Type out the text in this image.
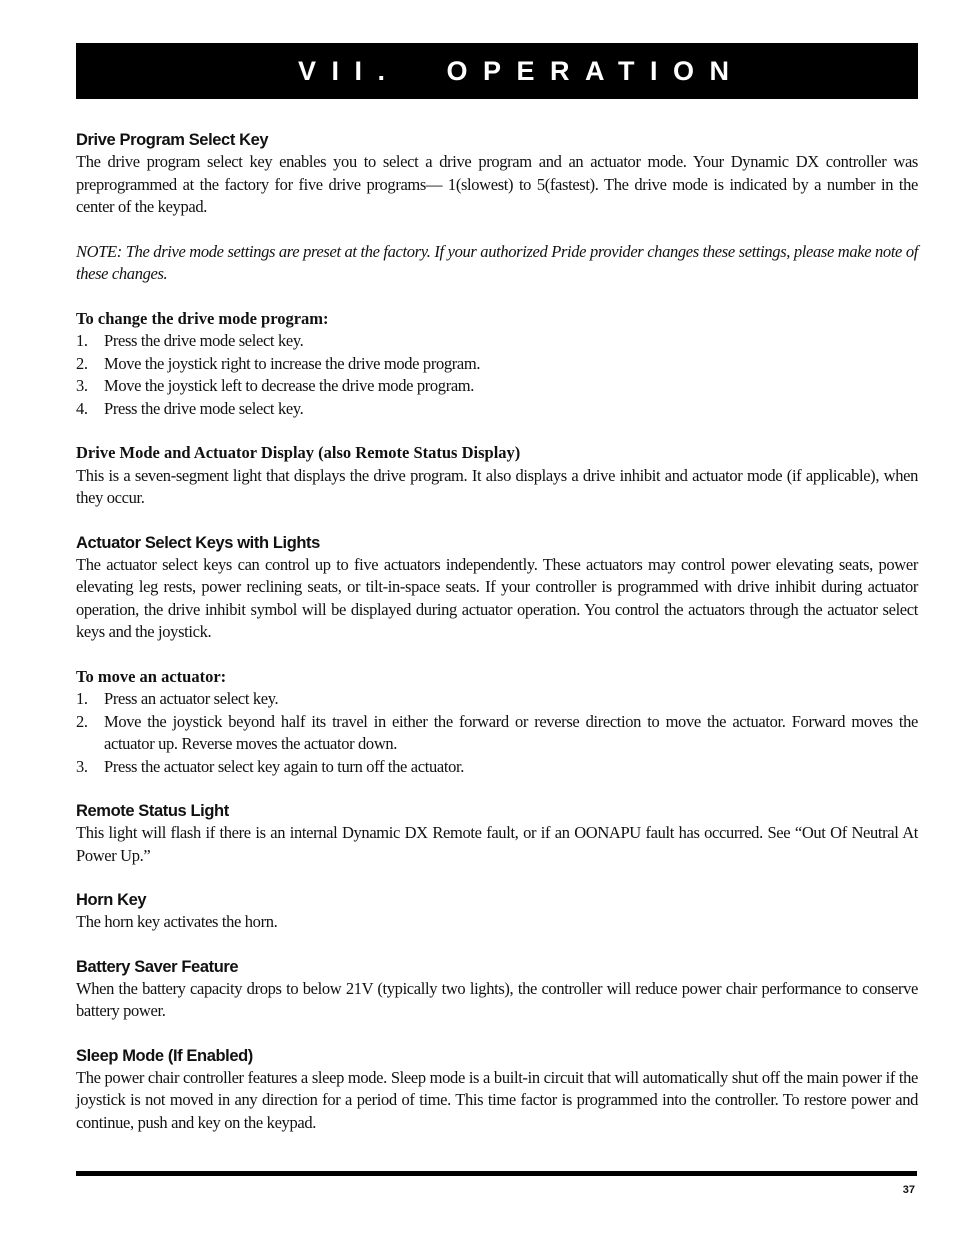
VII.  OPERATION
Drive Program Select Key

The drive program select key enables you to select a drive program and an actuator mode. Your Dynamic DX controller was preprogrammed at the factory for five drive programs— 1(slowest) to 5(fastest). The drive mode is indicated by a number in the center of the keypad.

NOTE: The drive mode settings are preset at the factory. If your authorized Pride provider changes these settings, please make note of these changes.

To change the drive mode program:
1. Press the drive mode select key.
2. Move the joystick right to increase the drive mode program.
3. Move the joystick left to decrease the drive mode program.
4. Press the drive mode select key.
Drive Mode and Actuator Display (also Remote Status Display)

This is a seven-segment light that displays the drive program. It also displays a drive inhibit and actuator mode (if applicable), when they occur.

Actuator Select Keys with Lights

The actuator select keys can control up to five actuators independently. These actuators may control power elevating seats, power elevating leg rests, power reclining seats, or tilt-in-space seats. If your controller is programmed with drive inhibit during actuator operation, the drive inhibit symbol will be displayed during actuator operation. You control the actuators through the actuator select keys and the joystick.

To move an actuator:
1. Press an actuator select key.
2. Move the joystick beyond half its travel in either the forward or reverse direction to move the actuator. Forward moves the actuator up. Reverse moves the actuator down.
3. Press the actuator select key again to turn off the actuator.
Remote Status Light

This light will flash if there is an internal Dynamic DX Remote fault, or if an OONAPU fault has occurred. See “Out Of Neutral At Power Up.”

Horn Key

The horn key activates the horn.

Battery Saver Feature

When the battery capacity drops to below 21V (typically two lights), the controller will reduce power chair performance to conserve battery power.

Sleep Mode (If Enabled)

The power chair controller features a sleep mode. Sleep mode is a built-in circuit that will automatically shut off the main power if the joystick is not moved in any direction for a period of time. This time factor is programmed into the controller. To restore power and continue, push and key on the keypad.

37
